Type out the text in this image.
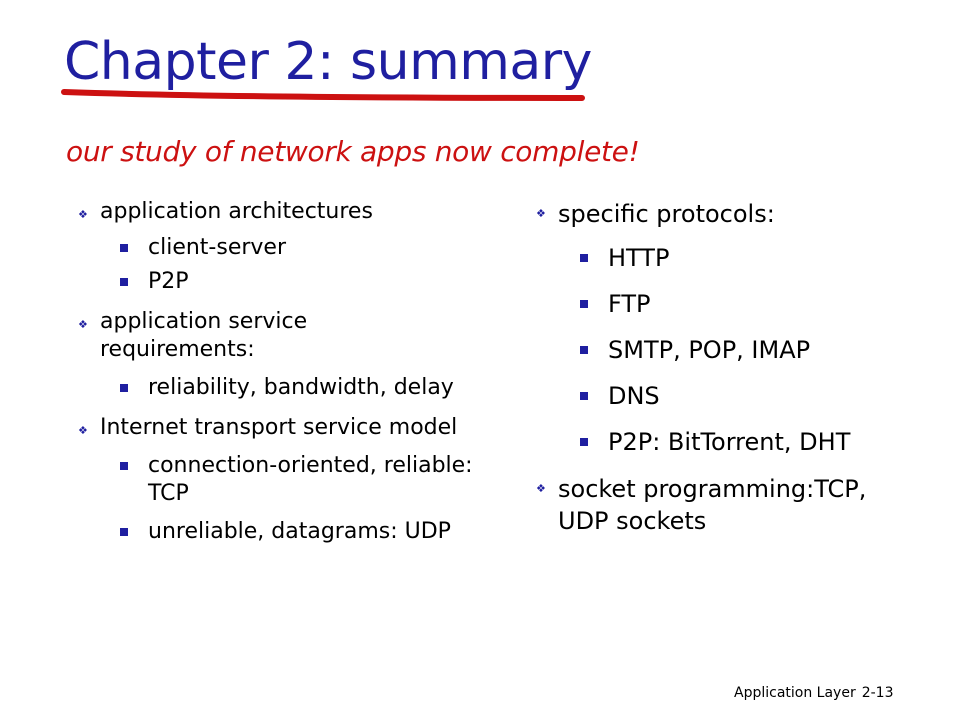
Chapter 2: summary
our study of network apps now complete!
❖ application architectures
client-server
P2P
❖ application service requirements:
reliability, bandwidth, delay
❖ Internet transport service model
connection-oriented, reliable: TCP
unreliable, datagrams: UDP
❖ specific protocols:
HTTP
FTP
SMTP, POP, IMAP
DNS
P2P: BitTorrent, DHT
❖ socket programming:TCP, UDP sockets
Application Layer 2-13
